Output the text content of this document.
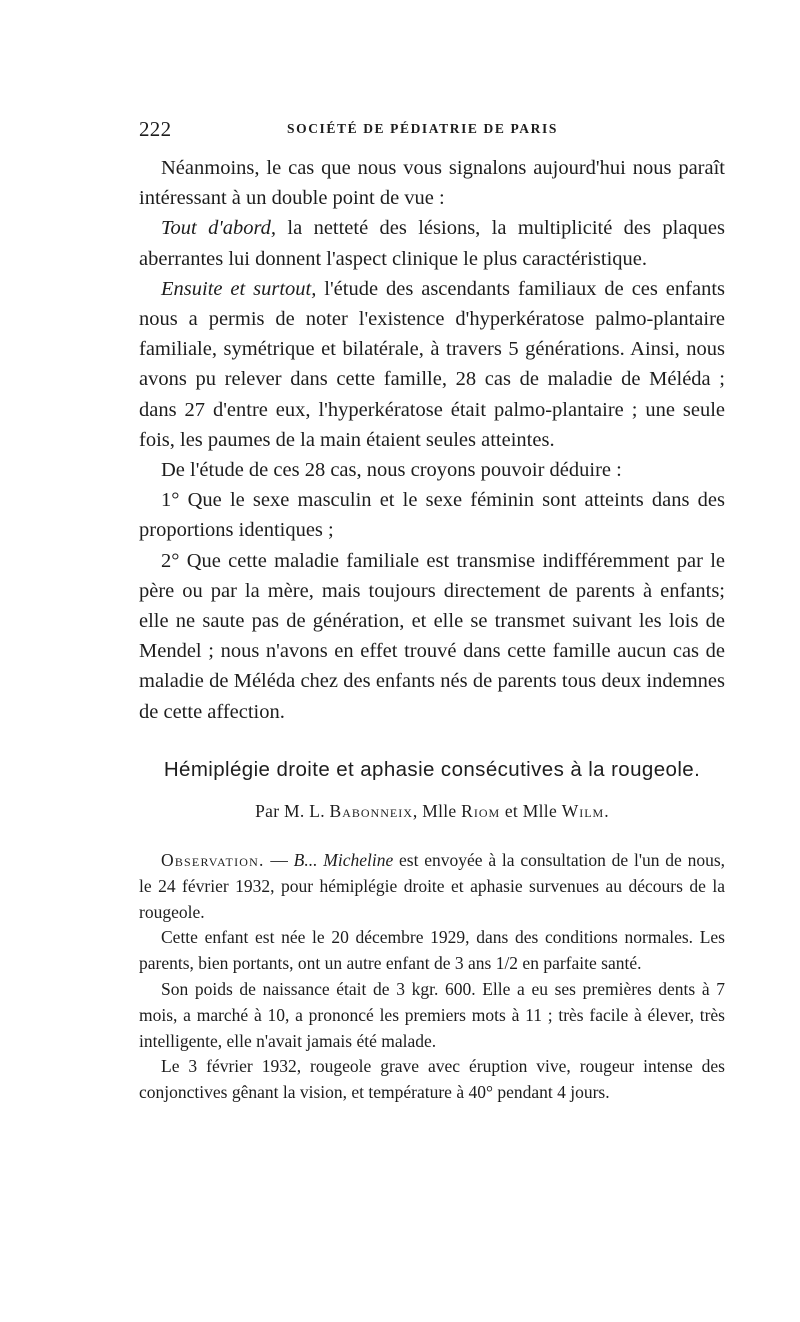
222	SOCIÉTÉ DE PÉDIATRIE DE PARIS

Néanmoins, le cas que nous vous signalons aujourd'hui nous paraît intéressant à un double point de vue :

Tout d'abord, la netteté des lésions, la multiplicité des plaques aberrantes lui donnent l'aspect clinique le plus caractéristique.

Ensuite et surtout, l'étude des ascendants familiaux de ces enfants nous a permis de noter l'existence d'hyperkératose palmo-plantaire familiale, symétrique et bilatérale, à travers 5 générations. Ainsi, nous avons pu relever dans cette famille, 28 cas de maladie de Méléda ; dans 27 d'entre eux, l'hyperkératose était palmo-plantaire ; une seule fois, les paumes de la main étaient seules atteintes.

De l'étude de ces 28 cas, nous croyons pouvoir déduire :

1° Que le sexe masculin et le sexe féminin sont atteints dans des proportions identiques ;

2° Que cette maladie familiale est transmise indifféremment par le père ou par la mère, mais toujours directement de parents à enfants; elle ne saute pas de génération, et elle se transmet suivant les lois de Mendel ; nous n'avons en effet trouvé dans cette famille aucun cas de maladie de Méléda chez des enfants nés de parents tous deux indemnes de cette affection.

Hémiplégie droite et aphasie consécutives à la rougeole.
Par M. L. Babonneix, Mlle Riom et Mlle Wilm.

Observation. — B... Micheline est envoyée à la consultation de l'un de nous, le 24 février 1932, pour hémiplégie droite et aphasie survenues au décours de la rougeole.

Cette enfant est née le 20 décembre 1929, dans des conditions normales. Les parents, bien portants, ont un autre enfant de 3 ans 1/2 en parfaite santé.

Son poids de naissance était de 3 kgr. 600. Elle a eu ses premières dents à 7 mois, a marché à 10, a prononcé les premiers mots à 11 ; très facile à élever, très intelligente, elle n'avait jamais été malade.

Le 3 février 1932, rougeole grave avec éruption vive, rougeur intense des conjonctives gênant la vision, et température à 40° pendant 4 jours.
